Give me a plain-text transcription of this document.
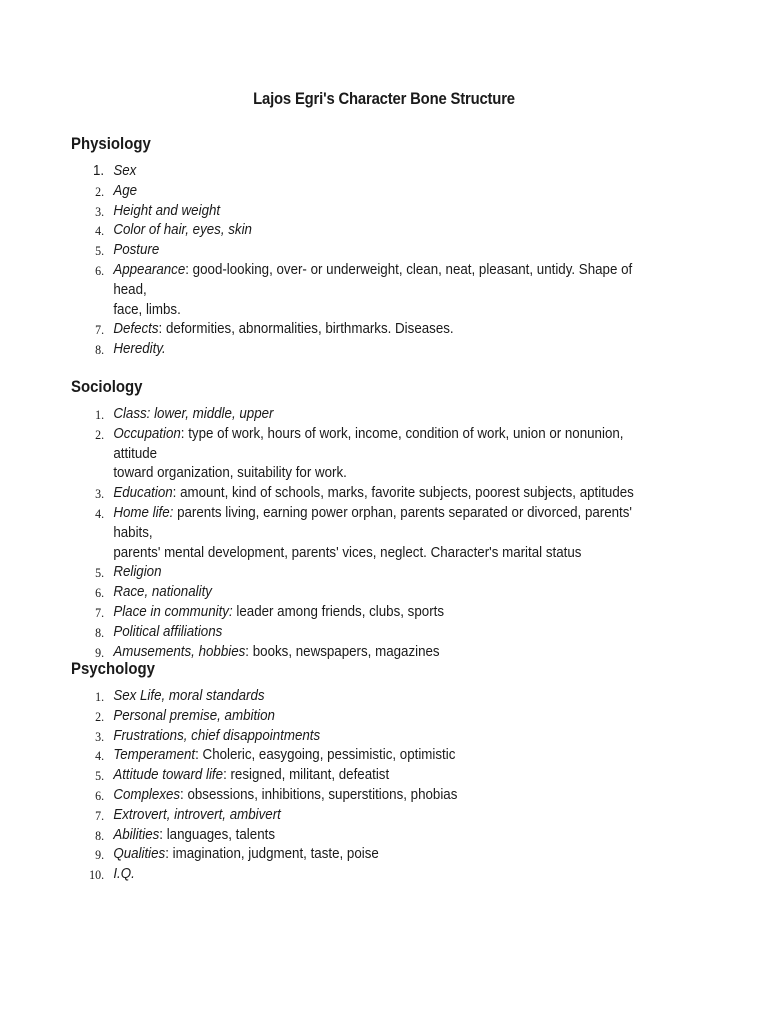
Lajos Egri's Character Bone Structure
Physiology
1. Sex
2. Age
3. Height and weight
4. Color of hair, eyes, skin
5. Posture
6. Appearance: good-looking, over- or underweight, clean, neat, pleasant, untidy. Shape of head,
face, limbs.
7. Defects: deformities, abnormalities, birthmarks. Diseases.
8. Heredity.
Sociology
1. Class: lower, middle, upper
2. Occupation: type of work, hours of work, income, condition of work, union or nonunion, attitude
toward organization, suitability for work.
3. Education: amount, kind of schools, marks, favorite subjects, poorest subjects, aptitudes
4. Home life: parents living, earning power orphan, parents separated or divorced, parents' habits,
parents' mental development, parents' vices, neglect. Character's marital status
5. Religion
6. Race, nationality
7. Place in community: leader among friends, clubs, sports
8. Political affiliations
9. Amusements, hobbies: books, newspapers, magazines
Psychology
1. Sex Life, moral standards
2. Personal premise, ambition
3. Frustrations, chief disappointments
4. Temperament: Choleric, easygoing, pessimistic, optimistic
5. Attitude toward life: resigned, militant, defeatist
6. Complexes: obsessions, inhibitions, superstitions, phobias
7. Extrovert, introvert, ambivert
8. Abilities: languages, talents
9. Qualities: imagination, judgment, taste, poise
10. I.Q.
